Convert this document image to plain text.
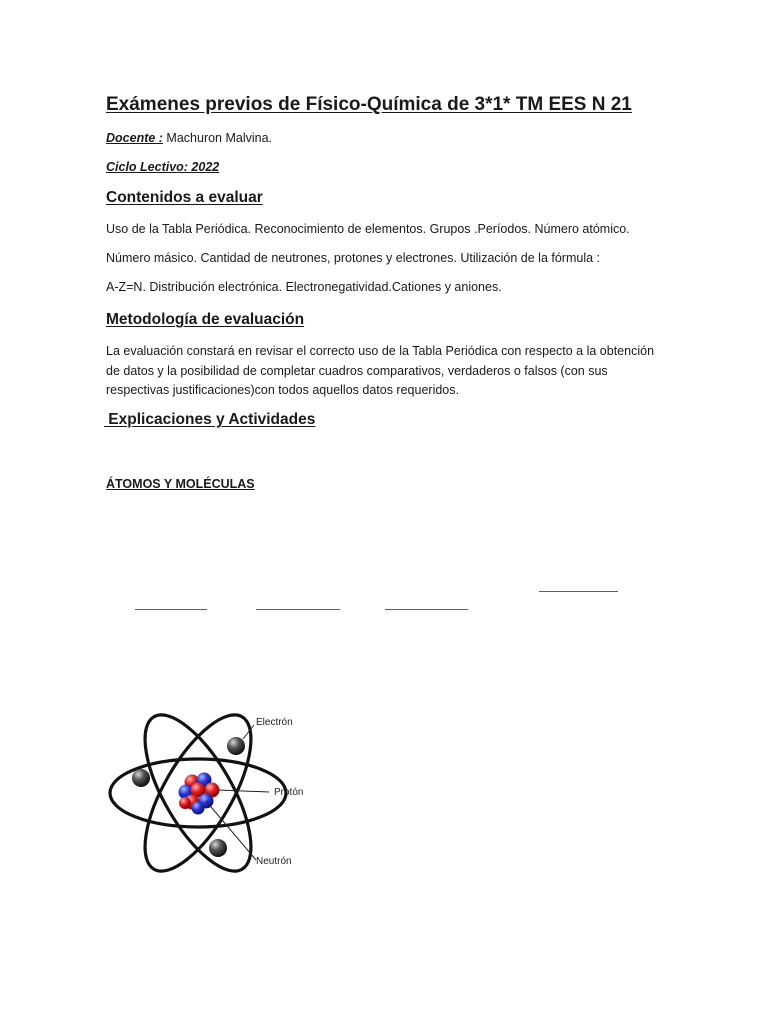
Exámenes previos de Físico-Química de 3*1* TM EES N 21
Docente : Machuron Malvina.
Ciclo Lectivo: 2022
Contenidos a evaluar
Uso de la Tabla Periódica. Reconocimiento de elementos. Grupos .Períodos. Número atómico.
Número másico. Cantidad de neutrones, protones y electrones. Utilización de la fórmula :
A-Z=N. Distribución electrónica. Electronegatividad.Cationes y aniones.
Metodología de evaluación
La evaluación constará en revisar el correcto uso de la Tabla Periódica con respecto a la obtención de datos y la posibilidad de completar cuadros comparativos, verdaderos o falsos (con sus respectivas justificaciones)con todos aquellos datos requeridos.
Explicaciones y Actividades
ÁTOMOS Y MOLÉCULAS
Electrón
Protón
Neutrón
